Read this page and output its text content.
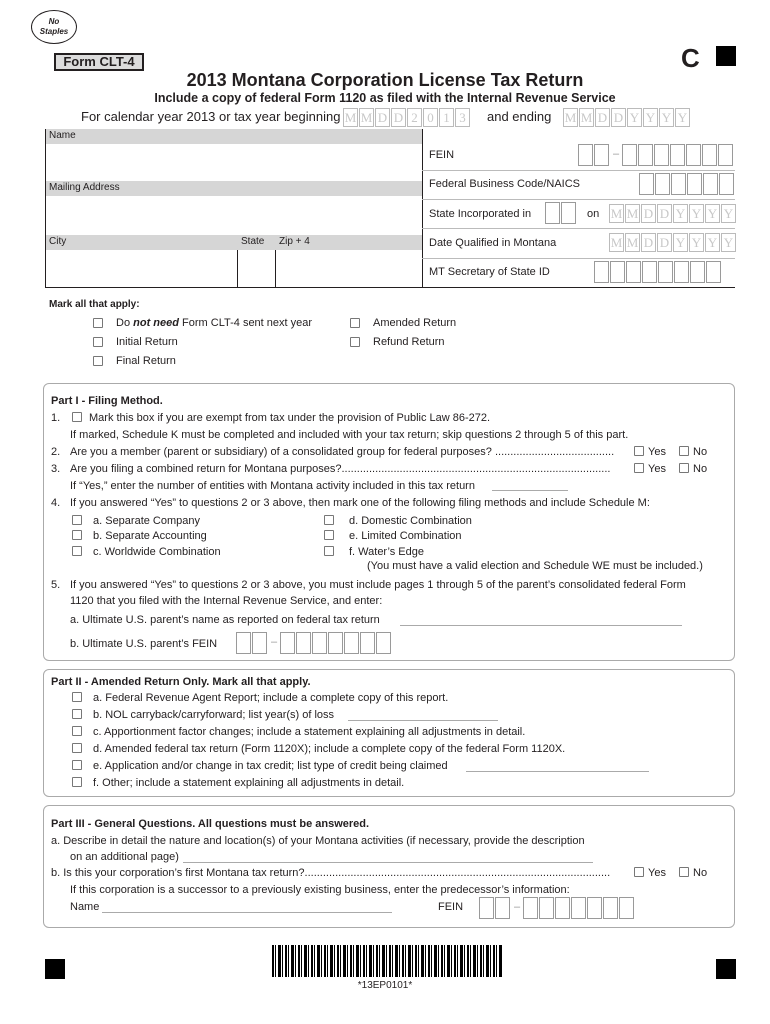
No
Staples
Form CLT-4	C
2013 Montana Corporation License Tax Return
Include a copy of federal Form 1120 as filed with the Internal Revenue Service
For calendar year 2013 or tax year beginning M M D D 2 0 1 3	and ending M M D D Y Y Y Y
Name
Mailing Address
City	State Zip + 4
FEIN	–
Federal Business Code/NAICS
State Incorporated in	on M M D D Y Y Y Y
Date Qualified in Montana	M M D D Y Y Y Y
MT Secretary of State ID
Mark all that apply:
Do not need Form CLT-4 sent next year
Initial Return
Final Return
Amended Return
Refund Return
Part I - Filing Method.
1.	Mark this box if you are exempt from tax under the provision of Public Law 86-272.
If marked, Schedule K must be completed and included with your tax return; skip questions 2 through 5 of this part.
2. Are you a member (parent or subsidiary) of a consolidated group for federal purposes? .......................................	Yes No
3. Are you filing a combined return for Montana purposes?........................................................................................	Yes No
If “Yes,” enter the number of entities with Montana activity included in this tax return
4. If you answered “Yes” to questions 2 or 3 above, then mark one of the following filing methods and include Schedule M:
a. Separate Company
b. Separate Accounting
c. Worldwide Combination
d. Domestic Combination
e. Limited Combination
f. Water’s Edge
(You must have a valid election and Schedule WE must be included.)
5. If you answered “Yes” to questions 2 or 3 above, you must include pages 1 through 5 of the parent’s consolidated federal Form
1120 that you filed with the Internal Revenue Service, and enter:
a. Ultimate U.S. parent’s name as reported on federal tax return
b. Ultimate U.S. parent’s FEIN	–
Part II - Amended Return Only. Mark all that apply.
a. Federal Revenue Agent Report; include a complete copy of this report.
b. NOL carryback/carryforward; list year(s) of loss
c. Apportionment factor changes; include a statement explaining all adjustments in detail.
d. Amended federal tax return (Form 1120X); include a complete copy of the federal Form 1120X.
e. Application and/or change in tax credit; list type of credit being claimed
f. Other; include a statement explaining all adjustments in detail.
Part III - General Questions. All questions must be answered.
a. Describe in detail the nature and location(s) of your Montana activities (if necessary, provide the description
on an additional page)
b. Is this your corporation’s first Montana tax return?....................................................................................................	Yes No
If this corporation is a successor to a previously existing business, enter the predecessor’s information:
Name	FEIN	–
*13EP0101*
